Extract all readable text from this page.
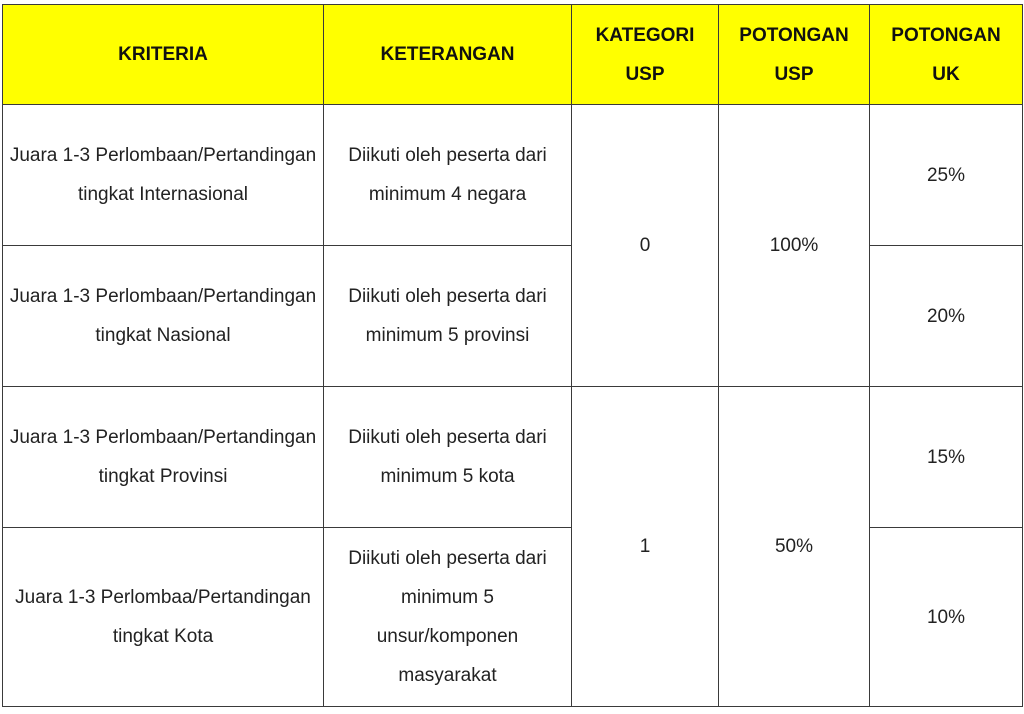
KRITERIA	KETERANGAN	KATEGORI USP	POTONGAN USP	POTONGAN UK
Juara 1-3 Perlombaan/Pertandingan tingkat Internasional	Diikuti oleh peserta dari minimum 4 negara	0	100%	25%
Juara 1-3 Perlombaan/Pertandingan tingkat Nasional	Diikuti oleh peserta dari minimum 5 provinsi			20%
Juara 1-3 Perlombaan/Pertandingan tingkat Provinsi	Diikuti oleh peserta dari minimum 5 kota	1	50%	15%
Juara 1-3 Perlombaa/Pertandingan tingkat Kota	Diikuti oleh peserta dari minimum 5 unsur/komponen masyarakat			10%
